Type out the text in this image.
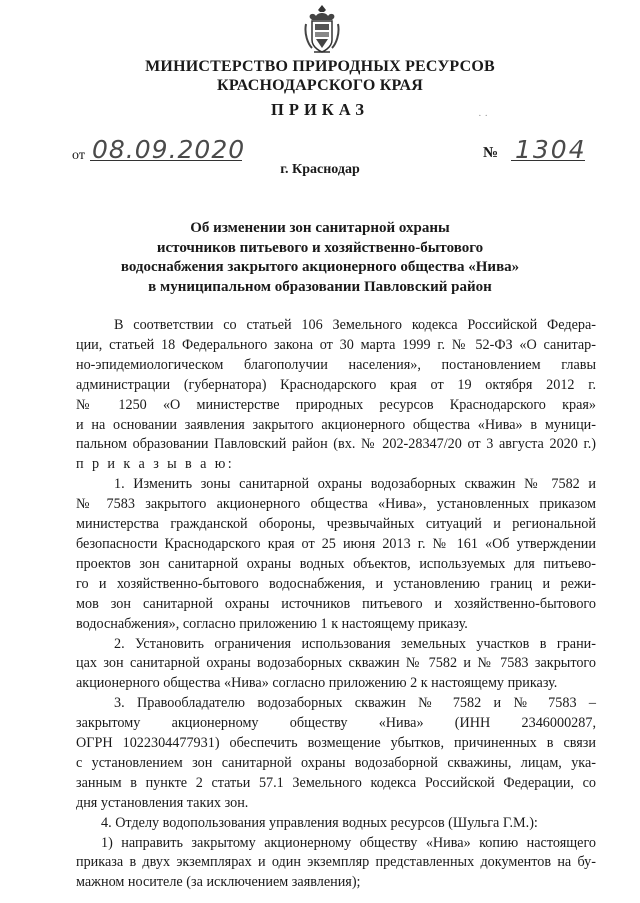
МИНИСТЕРСТВО ПРИРОДНЫХ РЕСУРСОВ
КРАСНОДАРСКОГО КРАЯ
ПРИКАЗ	· ·
от 08.09.2020	№ 1304
г. Краснодар
Об изменении зон санитарной охраны
источников питьевого и хозяйственно-бытового
водоснабжения закрытого акционерного общества «Нива»
в муниципальном образовании Павловский район
В соответствии со статьей 106 Земельного кодекса Российской Федера-
ции, статьей 18 Федерального закона от 30 марта 1999 г. № 52-ФЗ «О санитар-
но-эпидемиологическом благополучии населения», постановлением главы
администрации (губернатора) Краснодарского края от 19 октября 2012 г.
№ 1250 «О министерстве природных ресурсов Краснодарского края»
и на основании заявления закрытого акционерного общества «Нива» в муници-
пальном образовании Павловский район (вх. № 202-28347/20 от 3 августа 2020 г.)
п р и к а з ы в а ю:
1. Изменить зоны санитарной охраны водозаборных скважин № 7582 и
№ 7583 закрытого акционерного общества «Нива», установленных приказом
министерства гражданской обороны, чрезвычайных ситуаций и региональной
безопасности Краснодарского края от 25 июня 2013 г. № 161 «Об утверждении
проектов зон санитарной охраны водных объектов, используемых для питьево-
го и хозяйственно-бытового водоснабжения, и установлению границ и режи-
мов зон санитарной охраны источников питьевого и хозяйственно-бытового
водоснабжения», согласно приложению 1 к настоящему приказу.
2. Установить ограничения использования земельных участков в грани-
цах зон санитарной охраны водозаборных скважин № 7582 и № 7583 закрытого
акционерного общества «Нива» согласно приложению 2 к настоящему приказу.
3. Правообладателю водозаборных скважин № 7582 и № 7583 –
закрытому акционерному обществу «Нива» (ИНН 2346000287,
ОГРН 1022304477931) обеспечить возмещение убытков, причиненных в связи
с установлением зон санитарной охраны водозаборной скважины, лицам, ука-
занным в пункте 2 статьи 57.1 Земельного кодекса Российской Федерации, со
дня установления таких зон.
4. Отделу водопользования управления водных ресурсов (Шульга Г.М.):
1) направить закрытому акционерному обществу «Нива» копию настоящего
приказа в двух экземплярах и один экземпляр представленных документов на бу-
мажном носителе (за исключением заявления);
